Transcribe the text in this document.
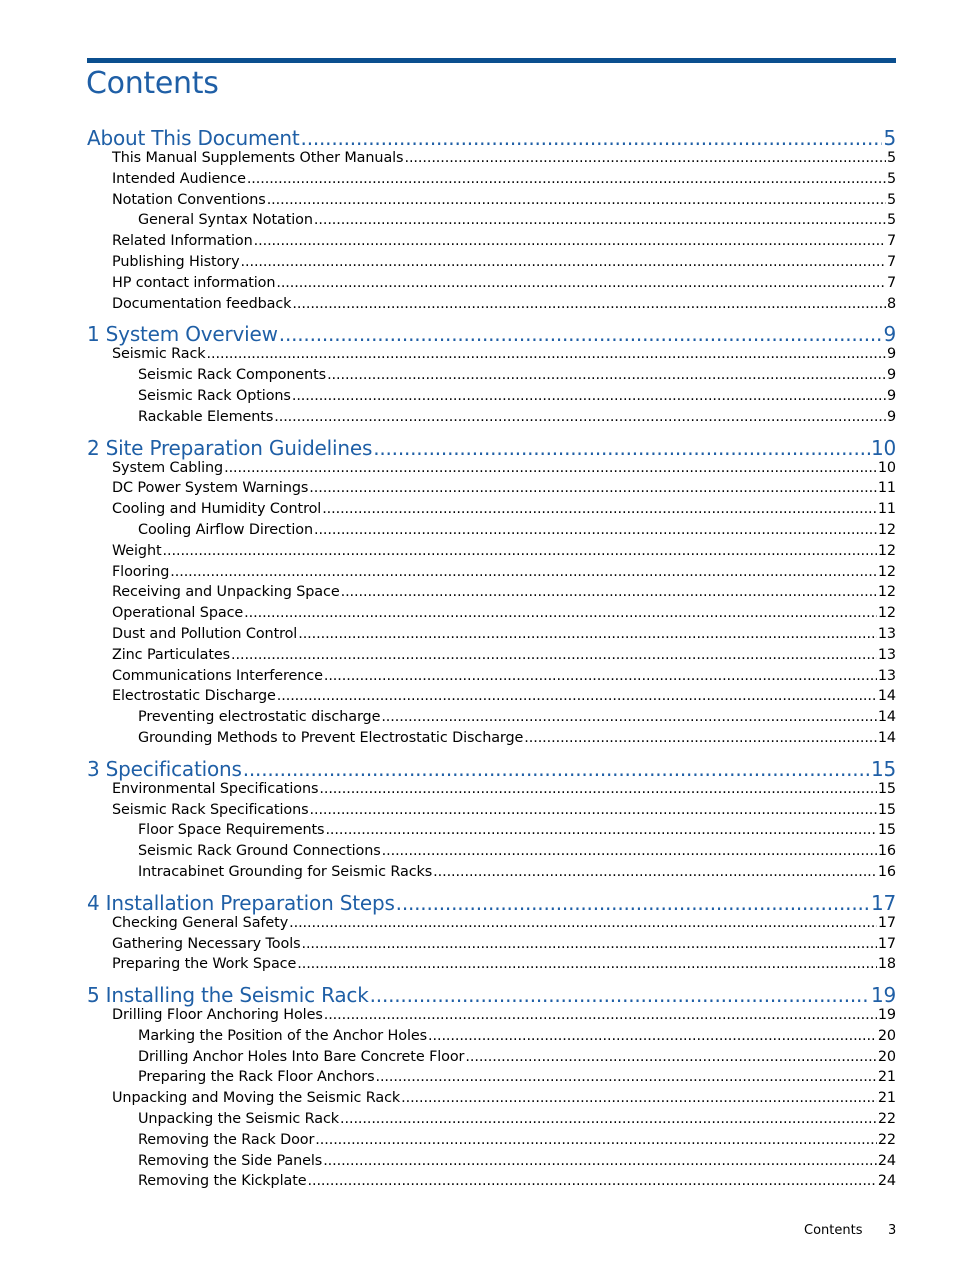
Contents
About This Document .....	5
This Manual Supplements Other Manuals .....	5
Intended Audience .....	5
Notation Conventions .....	5
General Syntax Notation .....	5
Related Information .....	7
Publishing History .....	7
HP contact information .....	7
Documentation feedback .....	8
1 System Overview .....	9
Seismic Rack .....	9
Seismic Rack Components .....	9
Seismic Rack Options .....	9
Rackable Elements .....	9
2 Site Preparation Guidelines .....	10
System Cabling .....	10
DC Power System Warnings .....	11
Cooling and Humidity Control .....	11
Cooling Airflow Direction .....	12
Weight .....	12
Flooring .....	12
Receiving and Unpacking Space .....	12
Operational Space .....	12
Dust and Pollution Control .....	13
Zinc Particulates .....	13
Communications Interference .....	13
Electrostatic Discharge .....	14
Preventing electrostatic discharge .....	14
Grounding Methods to Prevent Electrostatic Discharge .....	14
3 Specifications .....	15
Environmental Specifications .....	15
Seismic Rack Specifications .....	15
Floor Space Requirements .....	15
Seismic Rack Ground Connections .....	16
Intracabinet Grounding for Seismic Racks .....	16
4 Installation Preparation Steps .....	17
Checking General Safety .....	17
Gathering Necessary Tools .....	17
Preparing the Work Space .....	18
5 Installing the Seismic Rack .....	19
Drilling Floor Anchoring Holes .....	19
Marking the Position of the Anchor Holes .....	20
Drilling Anchor Holes Into Bare Concrete Floor .....	20
Preparing the Rack Floor Anchors .....	21
Unpacking and Moving the Seismic Rack .....	21
Unpacking the Seismic Rack .....	22
Removing the Rack Door .....	22
Removing the Side Panels .....	24
Removing the Kickplate .....	24
Contents 3
